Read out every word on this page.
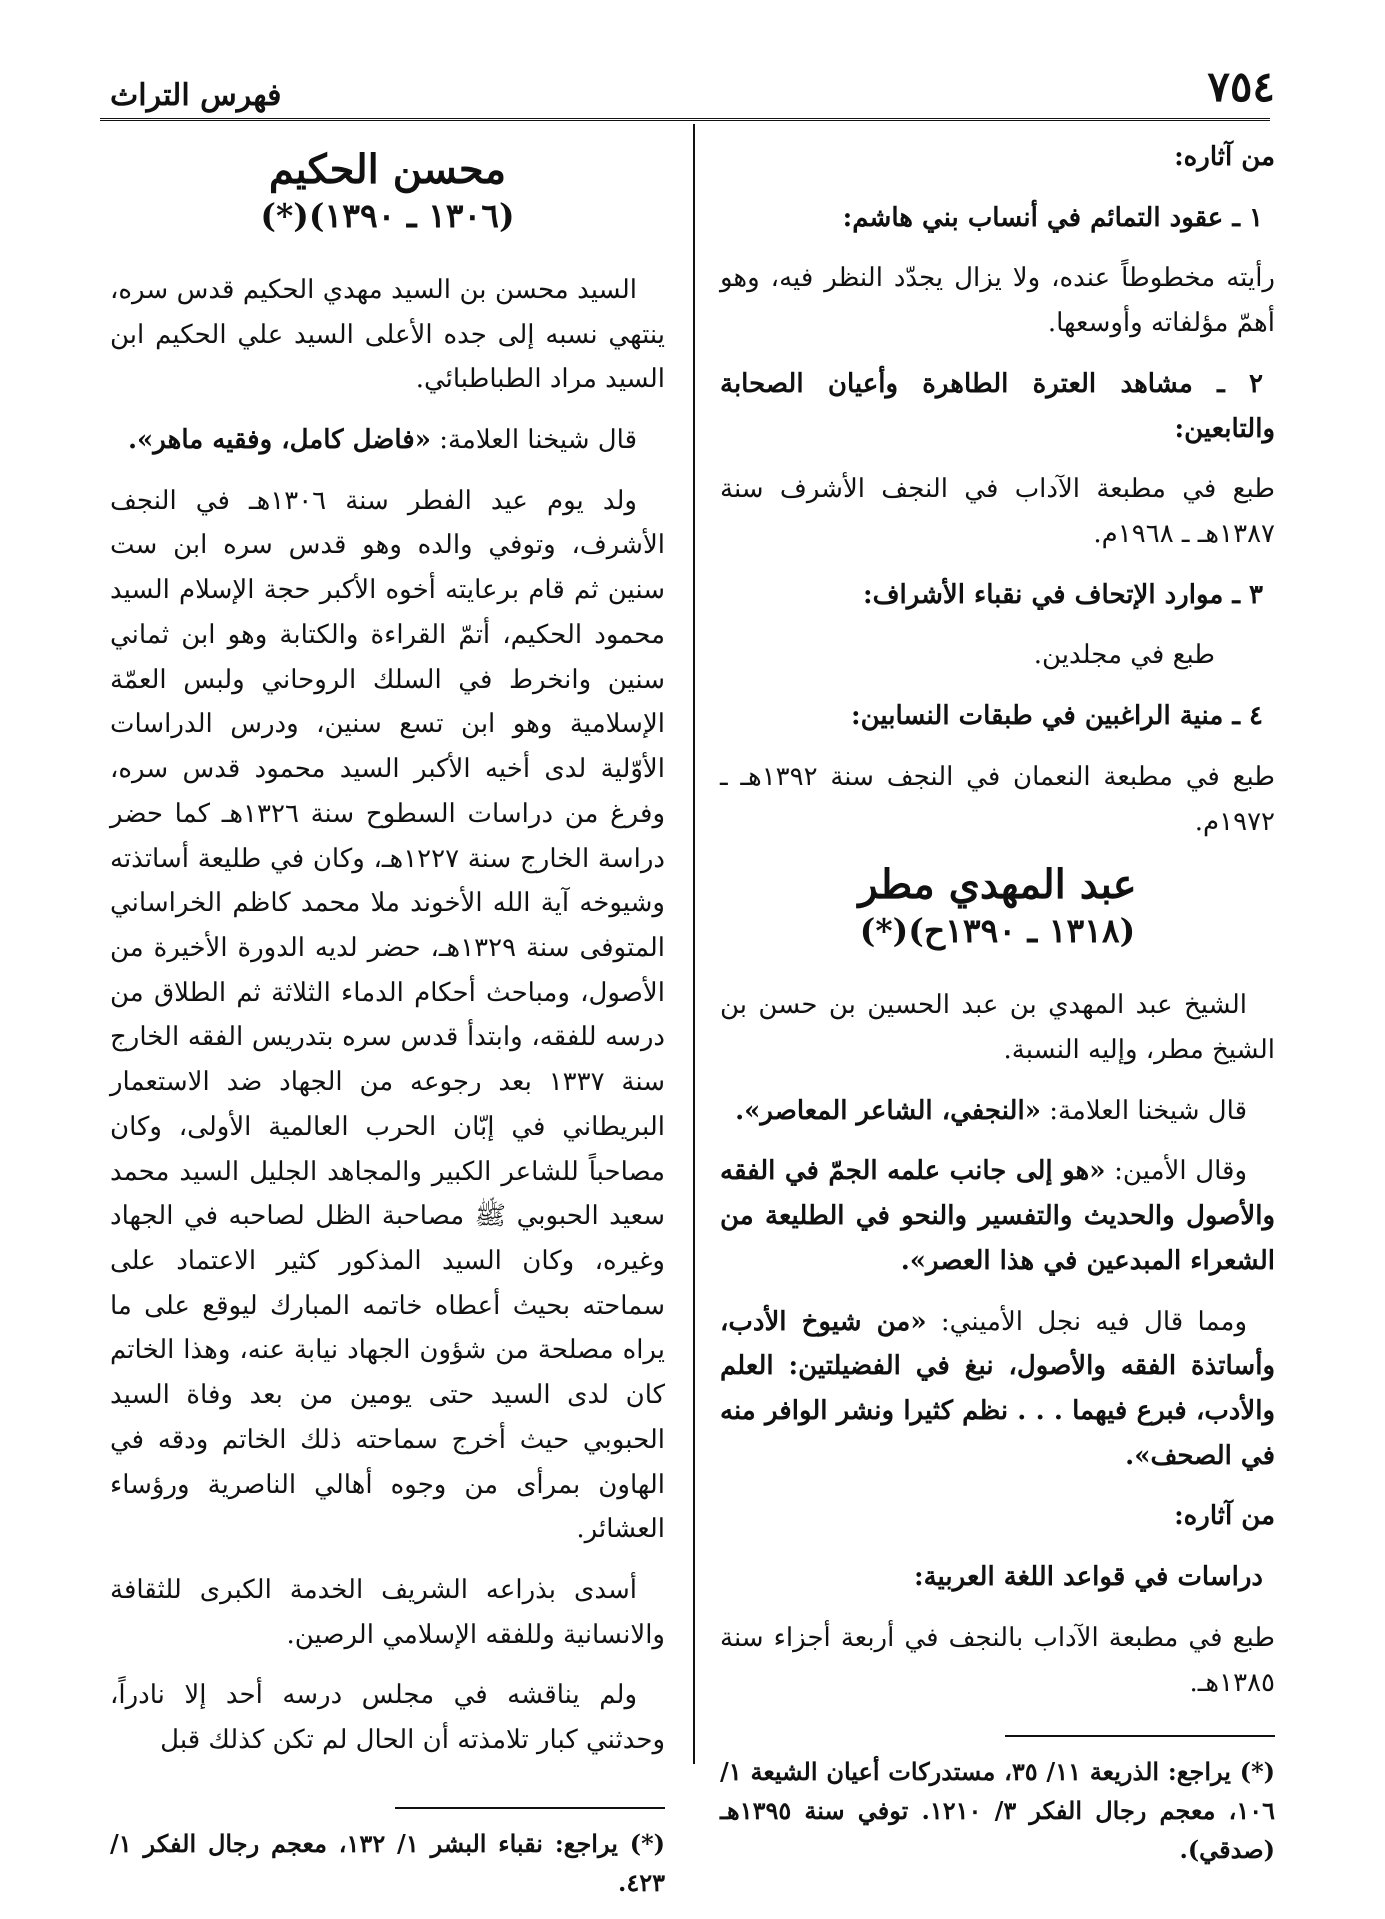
٧٥٤
فهرس التراث

من آثاره:

١ ـ عقود التمائم في أنساب بني هاشم:

رأيته مخطوطاً عنده، ولا يزال يجدّد النظر فيه، وهو أهمّ مؤلفاته وأوسعها.

٢ ـ مشاهد العترة الطاهرة وأعيان الصحابة والتابعين:

طبع في مطبعة الآداب في النجف الأشرف سنة ١٣٨٧هـ ـ ١٩٦٨م.

٣ ـ موارد الإتحاف في نقباء الأشراف:

طبع في مجلدين.

٤ ـ منية الراغبين في طبقات النسابين:

طبع في مطبعة النعمان في النجف سنة ١٣٩٢هـ ـ ١٩٧٢م.

عبد المهدي مطر
(١٣١٨ ـ ١٣٩٠ح)(*)

الشيخ عبد المهدي بن عبد الحسين بن حسن بن الشيخ مطر، وإليه النسبة.

قال شيخنا العلامة: «النجفي، الشاعر المعاصر».

وقال الأمين: «هو إلى جانب علمه الجمّ في الفقه والأصول والحديث والتفسير والنحو في الطليعة من الشعراء المبدعين في هذا العصر».

ومما قال فيه نجل الأميني: «من شيوخ الأدب، وأساتذة الفقه والأصول، نبغ في الفضيلتين: العلم والأدب، فبرع فيهما . . . نظم كثيرا ونشر الوافر منه في الصحف».

من آثاره:

دراسات في قواعد اللغة العربية:

طبع في مطبعة الآداب بالنجف في أربعة أجزاء سنة ١٣٨٥هـ.

(*) يراجع: الذريعة ١١/ ٣٥، مستدركات أعيان الشيعة ١/ ١٠٦، معجم رجال الفكر ٣/ ١٢١٠. توفي سنة ١٣٩٥هـ (صدقي).

محسن الحكيم
(١٣٠٦ ـ ١٣٩٠)(*)

السيد محسن بن السيد مهدي الحكيم قدس سره، ينتهي نسبه إلى جده الأعلى السيد علي الحكيم ابن السيد مراد الطباطبائي.

قال شيخنا العلامة: «فاضل كامل، وفقيه ماهر».

ولد يوم عيد الفطر سنة ١٣٠٦هـ في النجف الأشرف، وتوفي والده وهو قدس سره ابن ست سنين ثم قام برعايته أخوه الأكبر حجة الإسلام السيد محمود الحكيم، أتمّ القراءة والكتابة وهو ابن ثماني سنين وانخرط في السلك الروحاني ولبس العمّة الإسلامية وهو ابن تسع سنين، ودرس الدراسات الأوّلية لدى أخيه الأكبر السيد محمود قدس سره، وفرغ من دراسات السطوح سنة ١٣٢٦هـ كما حضر دراسة الخارج سنة ١٢٢٧هـ، وكان في طليعة أساتذته وشيوخه آية الله الأخوند ملا محمد كاظم الخراساني المتوفى سنة ١٣٢٩هـ، حضر لديه الدورة الأخيرة من الأصول، ومباحث أحكام الدماء الثلاثة ثم الطلاق من درسه للفقه، وابتدأ قدس سره بتدريس الفقه الخارج سنة ١٣٣٧ بعد رجوعه من الجهاد ضد الاستعمار البريطاني في إبّان الحرب العالمية الأولى، وكان مصاحباً للشاعر الكبير والمجاهد الجليل السيد محمد سعيد الحبوبي ﷺ مصاحبة الظل لصاحبه في الجهاد وغيره، وكان السيد المذكور كثير الاعتماد على سماحته بحيث أعطاه خاتمه المبارك ليوقع على ما يراه مصلحة من شؤون الجهاد نيابة عنه، وهذا الخاتم كان لدى السيد حتى يومين من بعد وفاة السيد الحبوبي حيث أخرج سماحته ذلك الخاتم ودقه في الهاون بمرأى من وجوه أهالي الناصرية ورؤساء العشائر.

أسدى بذراعه الشريف الخدمة الكبرى للثقافة والانسانية وللفقه الإسلامي الرصين.

ولم يناقشه في مجلس درسه أحد إلا نادراً، وحدثني كبار تلامذته أن الحال لم تكن كذلك قبل

(*) يراجع: نقباء البشر ١/ ١٣٢، معجم رجال الفكر ١/ ٤٢٣.
